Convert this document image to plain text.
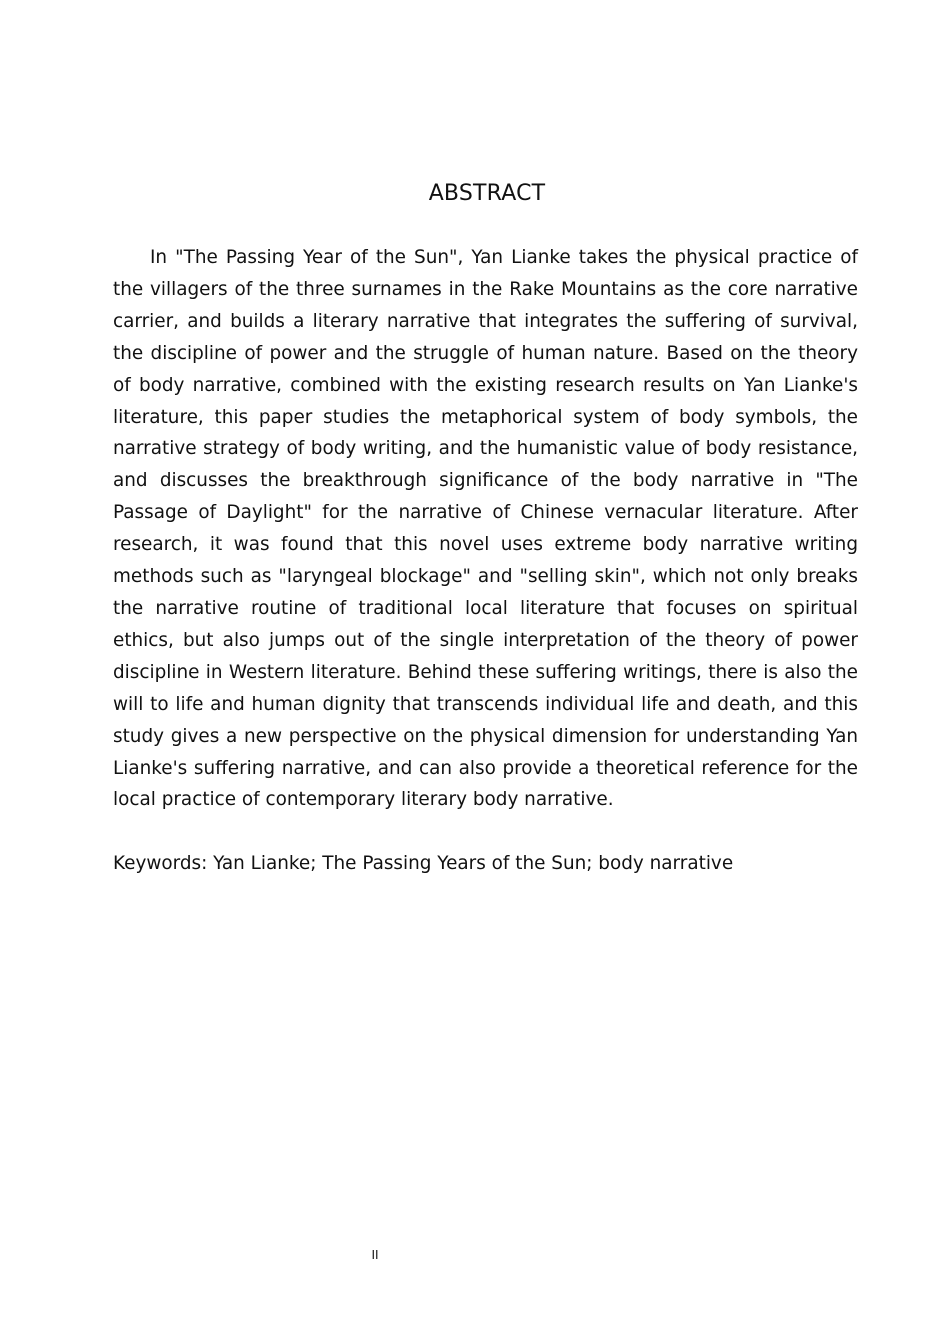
ABSTRACT

In "The Passing Year of the Sun", Yan Lianke takes the physical practice of the villagers of the three surnames in the Rake Mountains as the core narrative carrier, and builds a literary narrative that integrates the suffering of survival, the discipline of power and the struggle of human nature. Based on the theory of body narrative, combined with the existing research results on Yan Lianke's literature, this paper studies the metaphorical system of body symbols, the narrative strategy of body writing, and the humanistic value of body resistance, and discusses the breakthrough significance of the body narrative in "The Passage of Daylight" for the narrative of Chinese vernacular literature. After research, it was found that this novel uses extreme body narrative writing methods such as "laryngeal blockage" and "selling skin", which not only breaks the narrative routine of traditional local literature that focuses on spiritual ethics, but also jumps out of the single interpretation of the theory of power discipline in Western literature. Behind these suffering writings, there is also the will to life and human dignity that transcends individual life and death, and this study gives a new perspective on the physical dimension for understanding Yan Lianke's suffering narrative, and can also provide a theoretical reference for the local practice of contemporary literary body narrative.

Keywords: Yan Lianke; The Passing Years of the Sun; body narrative

II
